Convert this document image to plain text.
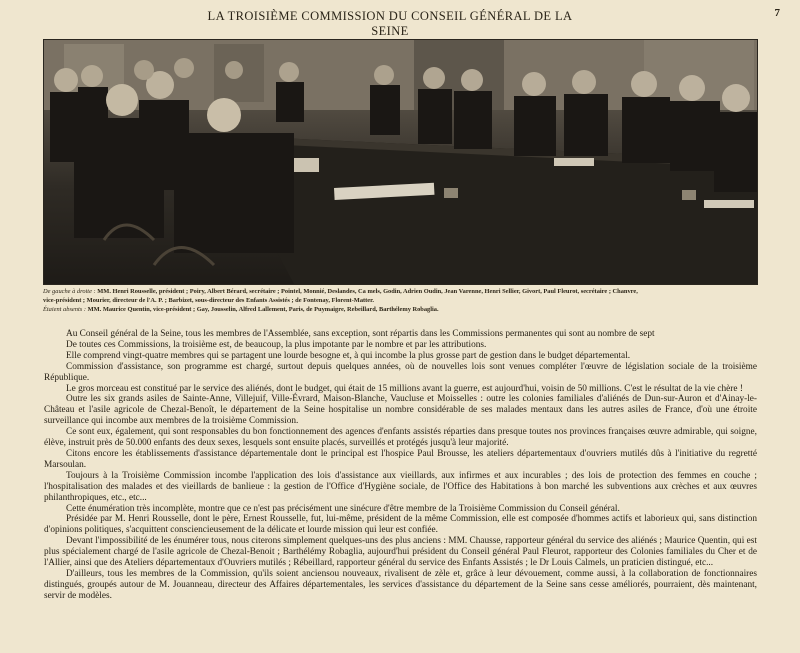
LA TROISIÈME COMMISSION DU CONSEIL GÉNÉRAL DE LA SEINE
7
De gauche à droite : MM. Henri Rousselle, président ; Poiry, Albert Bérard, secrétaire ; Pointel, Monnié, Deslandes, Ca mels, Godin, Adrien Oudin, Jean Varenne, Henri Sellier, Givort, Paul Fleurot, secrétaire ; Chanvre,
vice-président ; Mourier, directeur de l'A. P. ; Barbizet, sous-directeur des Enfants Assistés ; de Fontenay, Florent-Matter.
Étaient absents : MM. Maurice Quentin, vice-président ; Gay, Jousselin, Alfred Lallement, Paris, de Puymaigre, Rebeillard, Barthélemy Robaglia.

Au Conseil général de la Seine, tous les membres de l'Assemblée, sans exception, sont répartis dans les Commissions permanentes qui sont au nombre de sept

De toutes ces Commissions, la troisième est, de beaucoup, la plus impotante par le nombre et par les attributions.

Elle comprend vingt-quatre membres qui se partagent une lourde besogne et, à qui incombe la plus grosse part de gestion dans le budget départemental.

Commission d'assistance, son programme est chargé, surtout depuis quelques années, où de nouvelles lois sont venues compléter l'œuvre de législation sociale de la troisième République.

Le gros morceau est constitué par le service des aliénés, dont le budget, qui était de 15 millions avant la guerre, est aujourd'hui, voisin de 50 millions. C'est le résultat de la vie chère !

Outre les six grands asiles de Sainte-Anne, Villejuif, Ville-Évrard, Maison-Blanche, Vaucluse et Moisselles : outre les colonies familiales d'aliénés de Dun-sur-Auron et d'Ainay-le-Château et l'asile agricole de Chezal-Benoît, le département de la Seine hospitalise un nombre considérable de ses malades mentaux dans les autres asiles de France, d'où une étroite surveillance qui incombe aux membres de la troisième Commission.

Ce sont eux, également, qui sont responsables du bon fonctionnement des agences d'enfants assistés réparties dans presque toutes nos provinces françaises œuvre admirable, qui soigne, élève, instruit près de 50.000 enfants des deux sexes, lesquels sont ensuite placés, surveillés et protégés jusqu'à leur majorité.

Citons encore les établissements d'assistance départementale dont le principal est l'hospice Paul Brousse, les ateliers départementaux d'ouvriers mutilés dûs à l'initiative du regretté Marsoulan.

Toujours à la Troisième Commission incombe l'application des lois d'assistance aux vieillards, aux infirmes et aux incurables ; des lois de protection des femmes en couche ; l'hospitalisation des malades et des vieillards de banlieue : la gestion de l'Office d'Hygiène sociale, de l'Office des Habitations à bon marché les subventions aux crèches et aux œuvres philanthropiques, etc., etc...

Cette énumération très incomplète, montre que ce n'est pas précisément une sinécure d'être membre de la Troisième Commission du Conseil général.

Présidée par M. Henri Rousselle, dont le père, Ernest Rousselle, fut, lui-même, président de la même Commission, elle est composée d'hommes actifs et laborieux qui, sans distinction d'opinions politiques, s'acquittent consciencieusement de la délicate et lourde mission qui leur est confiée.

Devant l'impossibilité de les énumérer tous, nous citerons simplement quelques-uns des plus anciens : MM. Chausse, rapporteur général du service des aliénés ; Maurice Quentin, qui est plus spécialement chargé de l'asile agricole de Chezal-Benoit ; Barthélémy Robaglia, aujourd'hui président du Conseil général Paul Fleurot, rapporteur des Colonies familiales du Cher et de l'Allier, ainsi que des Ateliers départementaux d'Ouvriers mutilés ; Rébeillard, rapporteur général du service des Enfants Assistés ; le Dr Louis Calmels, un praticien distingué, etc...

D'ailleurs, tous les membres de la Commission, qu'ils soient anciensou nouveaux, rivalisent de zèle et, grâce à leur dévouement, comme aussi, à la collaboration de fonctionnaires distingués, groupés autour de M. Jouanneau, directeur des Affaires départementales, les services d'assistance du département de la Seine sans cesse améliorés, pourraient, dès maintenant, servir de modèles.
